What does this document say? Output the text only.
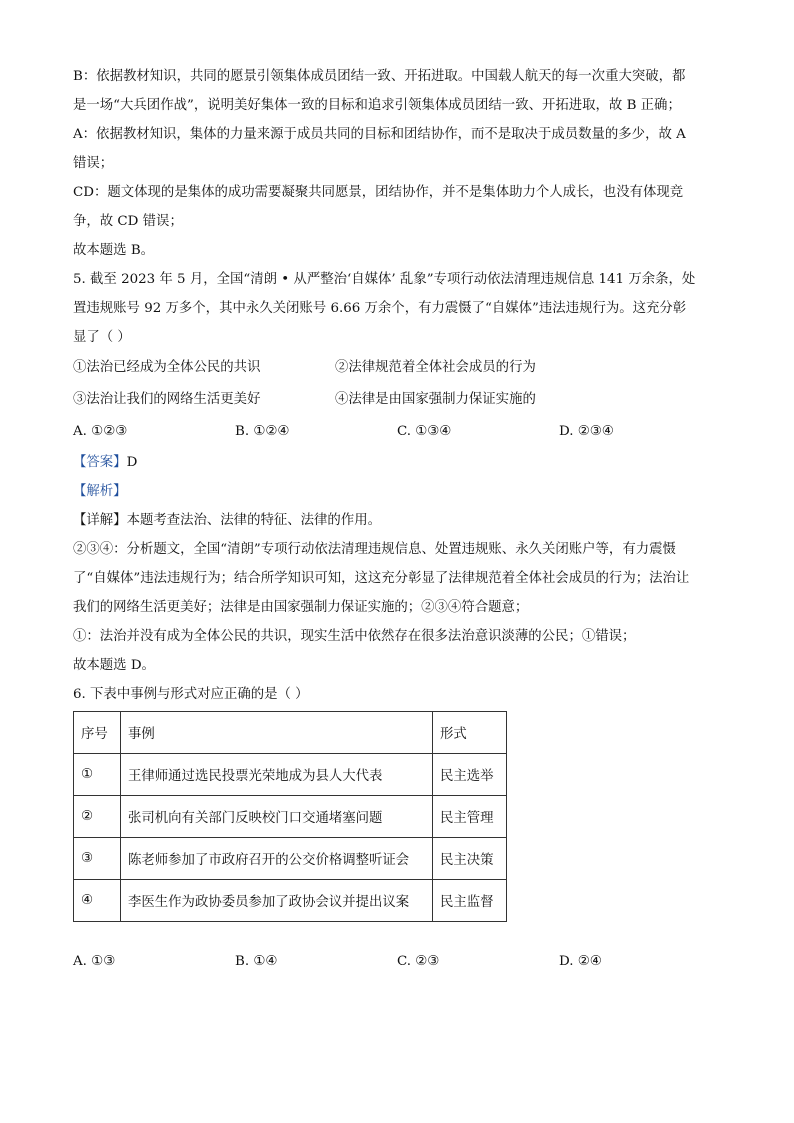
B：依据教材知识，共同的愿景引领集体成员团结一致、开拓进取。中国载人航天的每一次重大突破，都

是一场“大兵团作战”，说明美好集体一致的目标和追求引领集体成员团结一致、开拓进取，故 B 正确；

A：依据教材知识，集体的力量来源于成员共同的目标和团结协作，而不是取决于成员数量的多少，故 A

错误；

CD：题文体现的是集体的成功需要凝聚共同愿景，团结协作，并不是集体助力个人成长，也没有体现竞

争，故 CD 错误；

故本题选 B。

5. 截至 2023 年 5 月，全国“清朗 • 从严整治‘自媒体’ 乱象”专项行动依法清理违规信息 141 万余条，处

置违规账号 92 万多个，其中永久关闭账号 6.66 万余个，有力震慑了“自媒体”违法违规行为。这充分彰

显了（ ）

①法治已经成为全体公民的共识	②法律规范着全体社会成员的行为
③法治让我们的网络生活更美好	④法律是由国家强制力保证实施的
A. ①②③	B. ①②④	C. ①③④	D. ②③④

【答案】D

【解析】

【详解】本题考查法治、法律的特征、法律的作用。

②③④：分析题文，全国“清朗”专项行动依法清理违规信息、处置违规账、永久关闭账户等，有力震慑

了“自媒体”违法违规行为；结合所学知识可知，这这充分彰显了法律规范着全体社会成员的行为；法治让

我们的网络生活更美好；法律是由国家强制力保证实施的；②③④符合题意；

①：法治并没有成为全体公民的共识，现实生活中依然存在很多法治意识淡薄的公民；①错误；

故本题选 D。

6. 下表中事例与形式对应正确的是（ ）

序号	事例	形式
①	王律师通过选民投票光荣地成为县人大代表	民主选举
②	张司机向有关部门反映校门口交通堵塞问题	民主管理
③	陈老师参加了市政府召开的公交价格调整听证会	民主决策
④	李医生作为政协委员参加了政协会议并提出议案	民主监督
A. ①③	B. ①④	C. ②③	D. ②④
